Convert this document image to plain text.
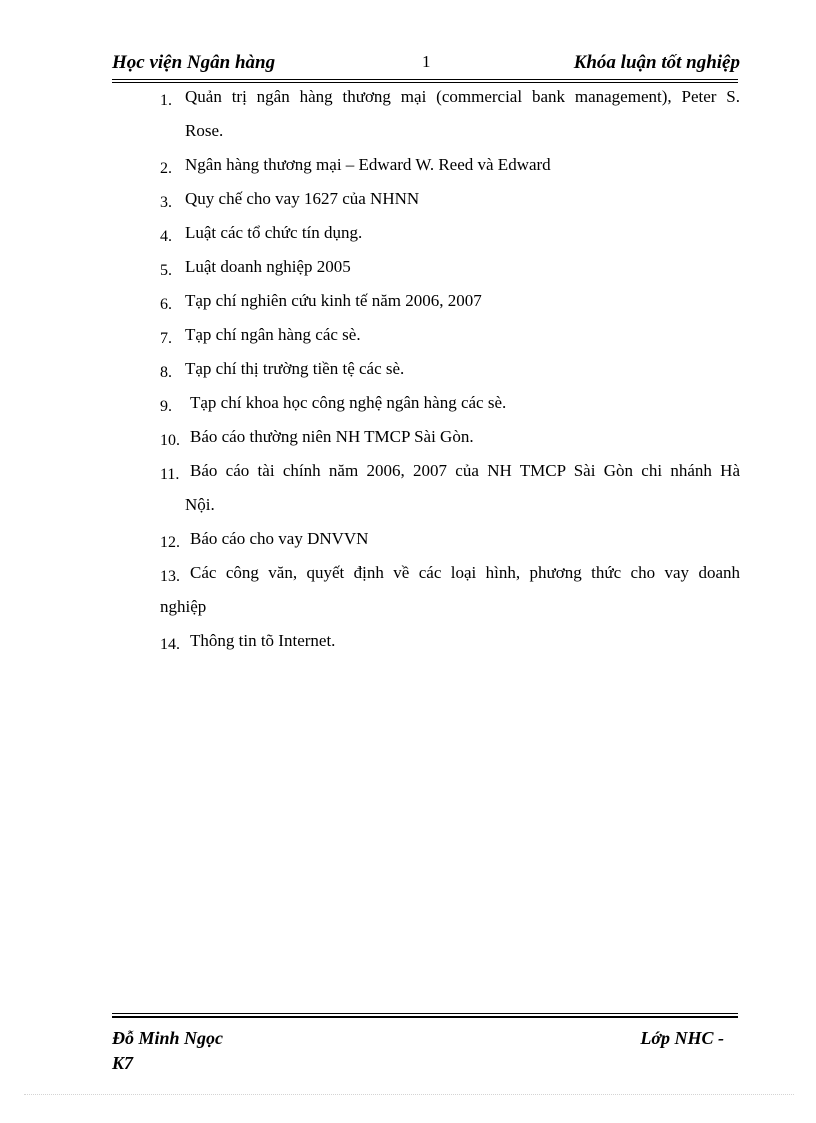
Học viện Ngân hàng	1	Khóa luận tốt nghiệp
1. Quản trị ngân hàng thương mại (commercial bank management), Peter S.
Rose.
2. Ngân hàng thương mại – Edward W. Reed và Edward
3. Quy chế cho vay 1627 của NHNN
4. Luật các tổ chức tín dụng.
5. Luật doanh nghiệp 2005
6. Tạp chí nghiên cứu kinh tế năm 2006, 2007
7. Tạp chí ngân hàng các sè.
8. Tạp chí thị trường tiền tệ các sè.
9. Tạp chí khoa học công nghệ ngân hàng các sè.
10. Báo cáo thường niên NH TMCP Sài Gòn.
11. Báo cáo tài chính năm 2006, 2007 của NH TMCP Sài Gòn chi nhánh Hà
Nội.
12. Báo cáo cho vay DNVVN
13. Các công văn, quyết định về các loại hình, phương thức cho vay doanh
nghiệp
14. Thông tin tõ Internet.
Đỗ Minh Ngọc	Lớp NHC -
K7
